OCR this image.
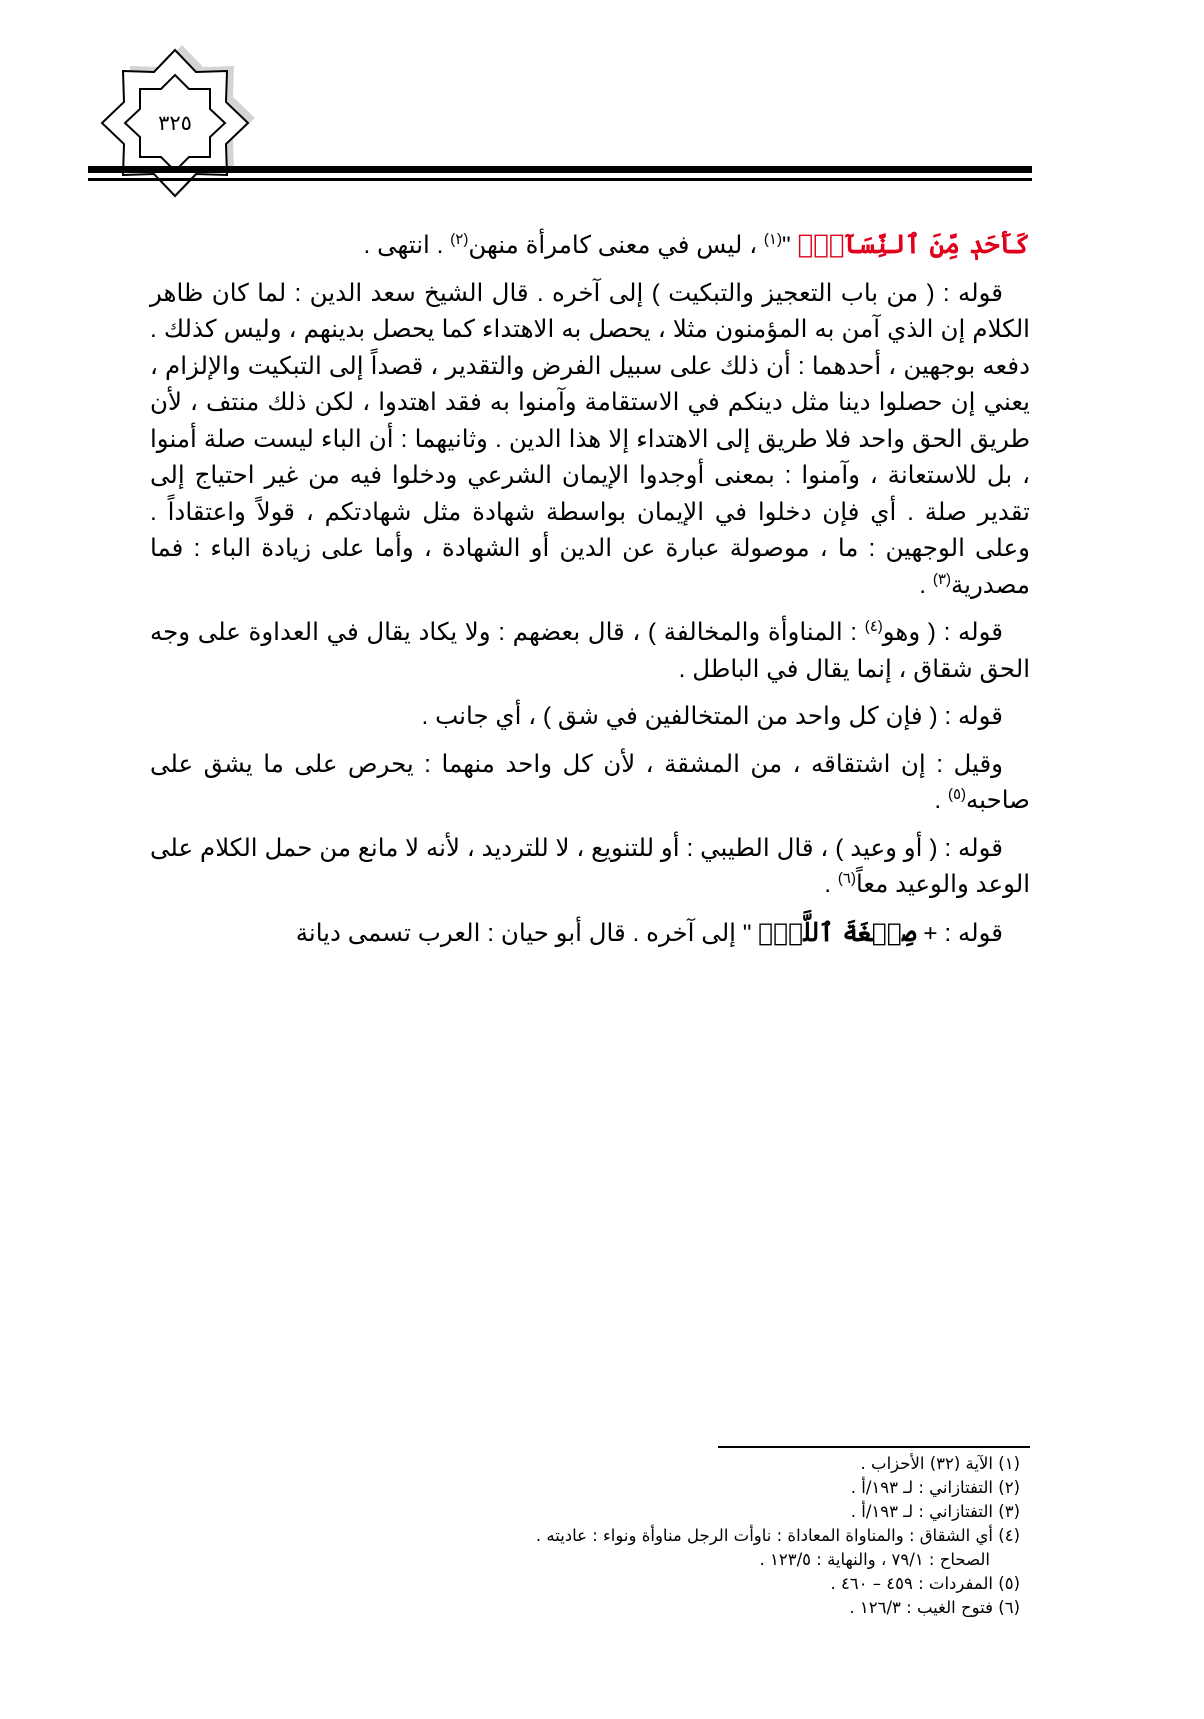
٣٢٥

كَأَحَدٖ مِّنَ ٱلنِّسَآءِۚ "$^{(١)}$ ، ليس في معنى كامرأة منهن$^{(٢)}$ . انتهى .

قوله : ( من باب التعجيز والتبكيت ) إلى آخره . قال الشيخ سعد الدين : لما كان ظاهر الكلام إن الذي آمن به المؤمنون مثلا ، يحصل به الاهتداء كما يحصل بدينهم ، وليس كذلك . دفعه بوجهين ، أحدهما : أن ذلك على سبيل الفرض والتقدير ، قصداً إلى التبكيت والإلزام ، يعني إن حصلوا دينا مثل دينكم في الاستقامة وآمنوا به فقد اهتدوا ، لكن ذلك منتف ، لأن طريق الحق واحد فلا طريق إلى الاهتداء إلا هذا الدين . وثانيهما : أن الباء ليست صلة أمنوا ، بل للاستعانة ، وآمنوا : بمعنى أوجدوا الإيمان الشرعي ودخلوا فيه من غير احتياج إلى تقدير صلة . أي فإن دخلوا في الإيمان بواسطة شهادة مثل شهادتكم ، قولاً واعتقاداً . وعلى الوجهين : ما ، موصولة عبارة عن الدين أو الشهادة ، وأما على زيادة الباء : فما مصدرية$^{(٣)}$ .

قوله : ( وهو$^{(٤)}$ : المناوأة والمخالفة ) ، قال بعضهم : ولا يكاد يقال في العداوة على وجه الحق شقاق ، إنما يقال في الباطل .

قوله : ( فإن كل واحد من المتخالفين في شق ) ، أي جانب .

وقيل : إن اشتقاقه ، من المشقة ، لأن كل واحد منهما : يحرص على ما يشق على صاحبه$^{(٥)}$ .

قوله : ( أو وعيد ) ، قال الطيبي : أو للتنويع ، لا للترديد ، لأنه لا مانع من حمل الكلام على الوعد والوعيد معاً$^{(٦)}$ .

قوله : + صِبۡغَةَ ٱللَّهِۖ " إلى آخره . قال أبو حيان : العرب تسمى ديانة

(١) الآية (٣٢) الأحزاب .
(٢) التفتازاني : لـ ١٩٣/أ .
(٣) التفتازاني : لـ ١٩٣/أ .
(٤) أي الشقاق : والمناواة المعاداة : ناوأت الرجل مناوأة ونواء : عاديته .
الصحاح : ٧٩/١ ، والنهاية : ١٢٣/٥ .
(٥) المفردات : ٤٥٩ – ٤٦٠ .
(٦) فتوح الغيب : ١٢٦/٣ .
